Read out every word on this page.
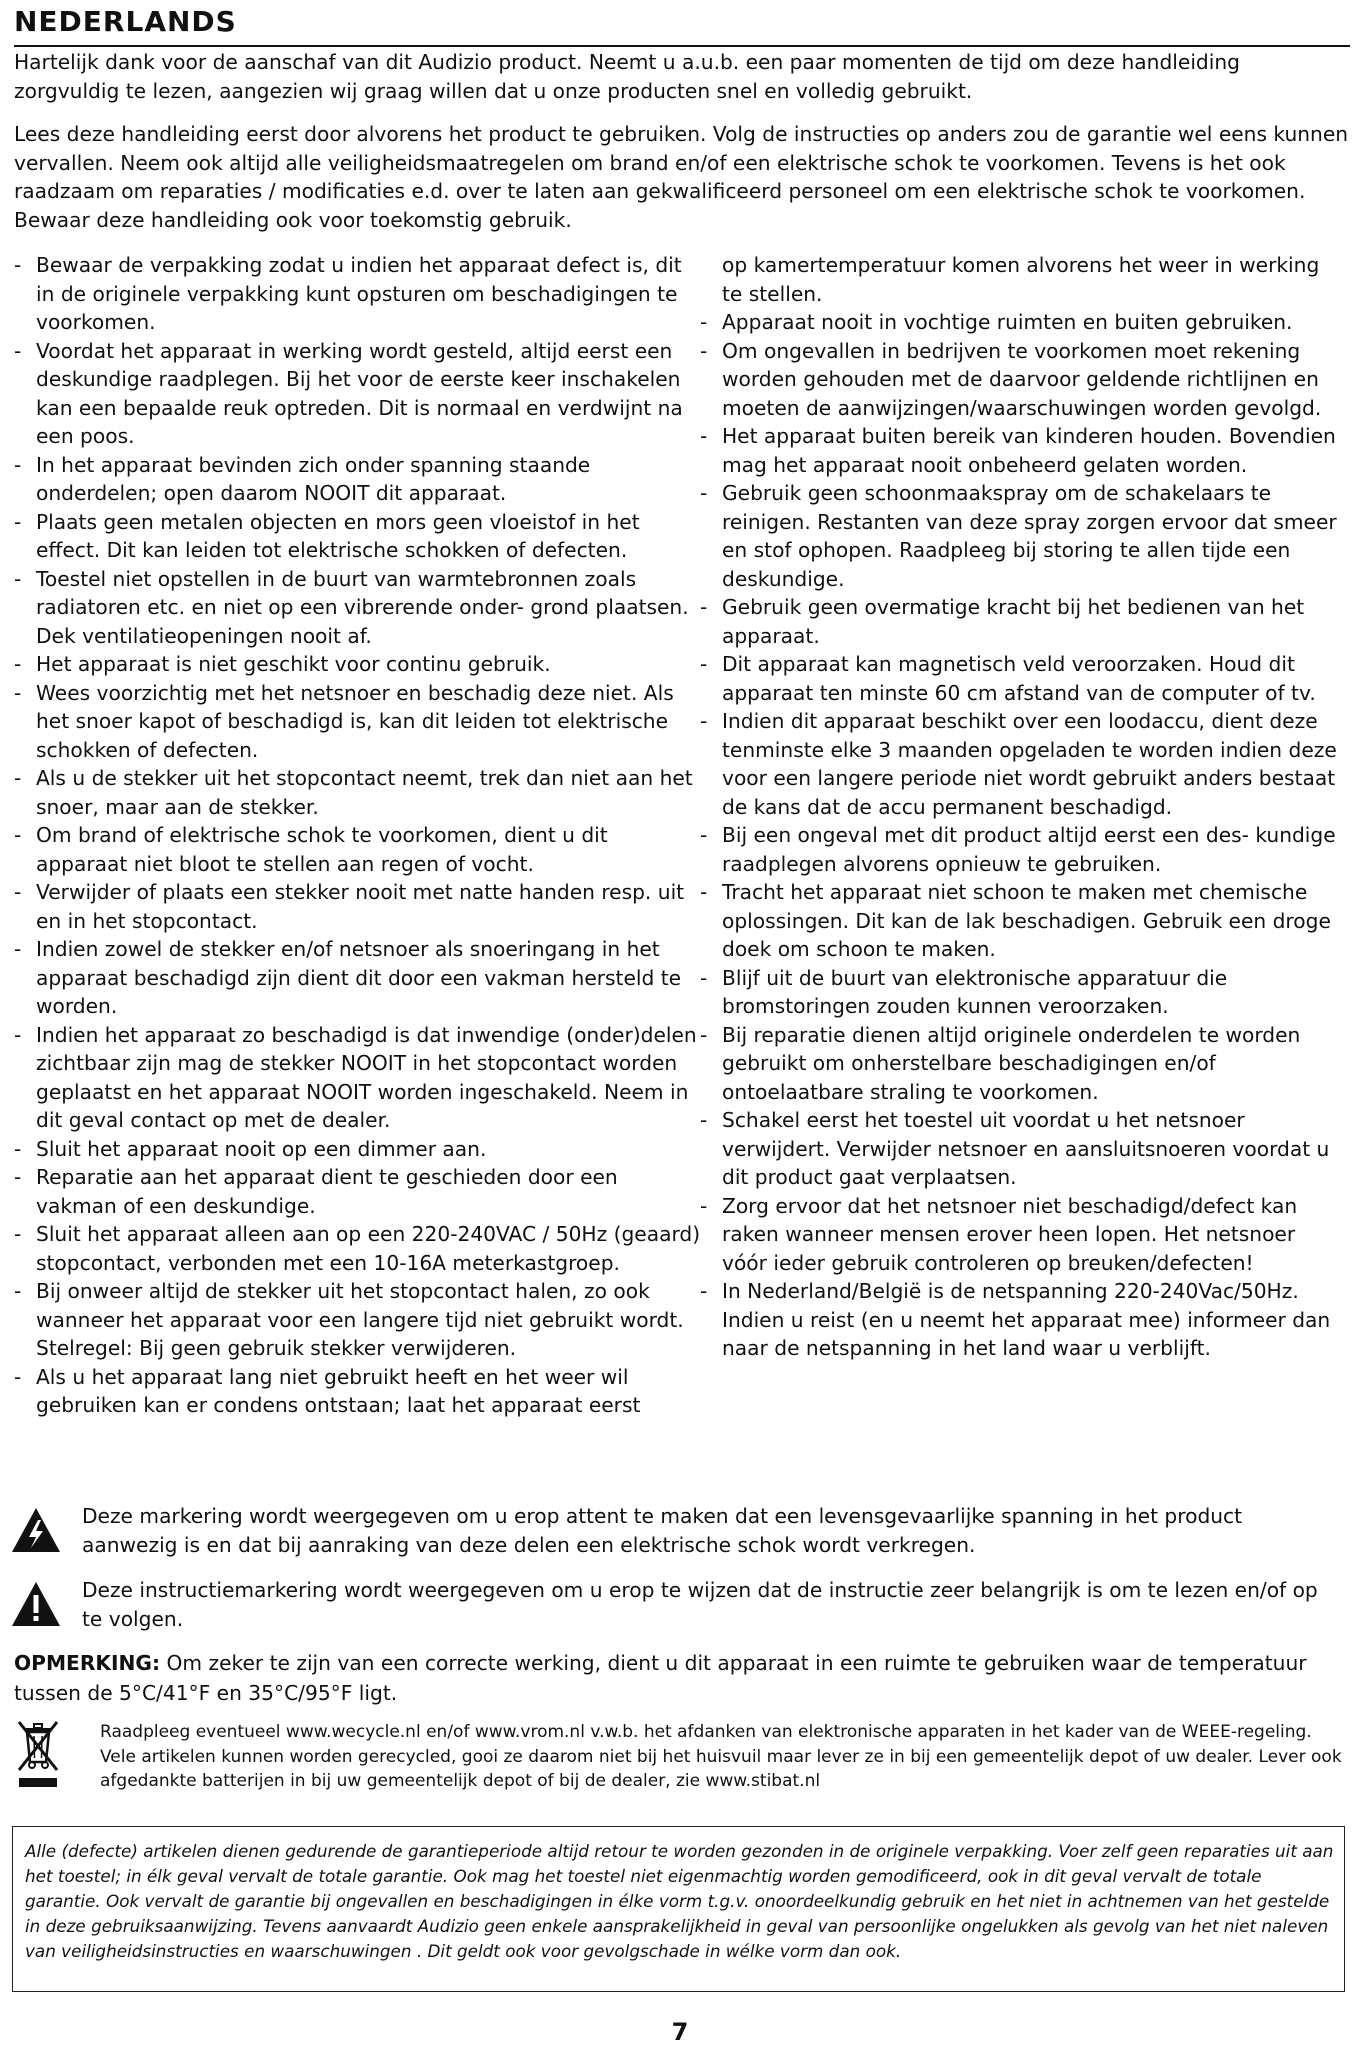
NEDERLANDS

Hartelijk dank voor de aanschaf van dit Audizio product. Neemt u a.u.b. een paar momenten de tijd om deze handleiding zorgvuldig te lezen, aangezien wij graag willen dat u onze producten snel en volledig gebruikt.

Lees deze handleiding eerst door alvorens het product te gebruiken. Volg de instructies op anders zou de garantie wel eens kunnen vervallen. Neem ook altijd alle veiligheidsmaatregelen om brand en/of een elektrische schok te voorkomen. Tevens is het ook raadzaam om reparaties / modificaties e.d. over te laten aan gekwalificeerd personeel om een elektrische schok te voorkomen. Bewaar deze handleiding ook voor toekomstig gebruik.

- Bewaar de verpakking zodat u indien het apparaat defect is, dit in de originele verpakking kunt opsturen om beschadigingen te voorkomen.
- Voordat het apparaat in werking wordt gesteld, altijd eerst een deskundige raadplegen. Bij het voor de eerste keer inschakelen kan een bepaalde reuk optreden. Dit is normaal en verdwijnt na een poos.
- In het apparaat bevinden zich onder spanning staande onderdelen; open daarom NOOIT dit apparaat.
- Plaats geen metalen objecten en mors geen vloeistof in het effect. Dit kan leiden tot elektrische schokken of defecten.
- Toestel niet opstellen in de buurt van warmtebronnen zoals radiatoren etc. en niet op een vibrerende onder- grond plaatsen. Dek ventilatieopeningen nooit af.
- Het apparaat is niet geschikt voor continu gebruik.
- Wees voorzichtig met het netsnoer en beschadig deze niet. Als het snoer kapot of beschadigd is, kan dit leiden tot elektrische schokken of defecten.
- Als u de stekker uit het stopcontact neemt, trek dan niet aan het snoer, maar aan de stekker.
- Om brand of elektrische schok te voorkomen, dient u dit apparaat niet bloot te stellen aan regen of vocht.
- Verwijder of plaats een stekker nooit met natte handen resp. uit en in het stopcontact.
- Indien zowel de stekker en/of netsnoer als snoeringang in het apparaat beschadigd zijn dient dit door een vakman hersteld te worden.
- Indien het apparaat zo beschadigd is dat inwendige (onder)delen zichtbaar zijn mag de stekker NOOIT in het stopcontact worden geplaatst en het apparaat NOOIT worden ingeschakeld. Neem in dit geval contact op met de dealer.
- Sluit het apparaat nooit op een dimmer aan.
- Reparatie aan het apparaat dient te geschieden door een vakman of een deskundige.
- Sluit het apparaat alleen aan op een 220-240VAC / 50Hz (geaard) stopcontact, verbonden met een 10-16A meterkastgroep.
- Bij onweer altijd de stekker uit het stopcontact halen, zo ook wanneer het apparaat voor een langere tijd niet gebruikt wordt. Stelregel: Bij geen gebruik stekker verwijderen.
- Als u het apparaat lang niet gebruikt heeft en het weer wil gebruiken kan er condens ontstaan; laat het apparaat eerst
op kamertemperatuur komen alvorens het weer in werking te stellen.
- Apparaat nooit in vochtige ruimten en buiten gebruiken.
- Om ongevallen in bedrijven te voorkomen moet rekening worden gehouden met de daarvoor geldende richtlijnen en moeten de aanwijzingen/waarschuwingen worden gevolgd.
- Het apparaat buiten bereik van kinderen houden. Bovendien mag het apparaat nooit onbeheerd gelaten worden.
- Gebruik geen schoonmaakspray om de schakelaars te reinigen. Restanten van deze spray zorgen ervoor dat smeer en stof ophopen. Raadpleeg bij storing te allen tijde een deskundige.
- Gebruik geen overmatige kracht bij het bedienen van het apparaat.
- Dit apparaat kan magnetisch veld veroorzaken. Houd dit apparaat ten minste 60 cm afstand van de computer of tv.
- Indien dit apparaat beschikt over een loodaccu, dient deze tenminste elke 3 maanden opgeladen te worden indien deze voor een langere periode niet wordt gebruikt anders bestaat de kans dat de accu permanent beschadigd.
- Bij een ongeval met dit product altijd eerst een des- kundige raadplegen alvorens opnieuw te gebruiken.
- Tracht het apparaat niet schoon te maken met chemische oplossingen. Dit kan de lak beschadigen. Gebruik een droge doek om schoon te maken.
- Blijf uit de buurt van elektronische apparatuur die bromstoringen zouden kunnen veroorzaken.
- Bij reparatie dienen altijd originele onderdelen te worden gebruikt om onherstelbare beschadigingen en/of ontoelaatbare straling te voorkomen.
- Schakel eerst het toestel uit voordat u het netsnoer verwijdert. Verwijder netsnoer en aansluitsnoeren voordat u dit product gaat verplaatsen.
- Zorg ervoor dat het netsnoer niet beschadigd/defect kan raken wanneer mensen erover heen lopen. Het netsnoer vóór ieder gebruik controleren op breuken/defecten!
- In Nederland/België is de netspanning 220-240Vac/50Hz. Indien u reist (en u neemt het apparaat mee) informeer dan naar de netspanning in het land waar u verblijft.

Deze markering wordt weergegeven om u erop attent te maken dat een levensgevaarlijke spanning in het product aanwezig is en dat bij aanraking van deze delen een elektrische schok wordt verkregen.

Deze instructiemarkering wordt weergegeven om u erop te wijzen dat de instructie zeer belangrijk is om te lezen en/of op te volgen.

OPMERKING: Om zeker te zijn van een correcte werking, dient u dit apparaat in een ruimte te gebruiken waar de temperatuur tussen de 5°C/41°F en 35°C/95°F ligt.

Raadpleeg eventueel www.wecycle.nl en/of www.vrom.nl v.w.b. het afdanken van elektronische apparaten in het kader van de WEEE-regeling. Vele artikelen kunnen worden gerecycled, gooi ze daarom niet bij het huisvuil maar lever ze in bij een gemeentelijk depot of uw dealer. Lever ook afgedankte batterijen in bij uw gemeentelijk depot of bij de dealer, zie www.stibat.nl

Alle (defecte) artikelen dienen gedurende de garantieperiode altijd retour te worden gezonden in de originele verpakking. Voer zelf geen reparaties uit aan het toestel; in élk geval vervalt de totale garantie. Ook mag het toestel niet eigenmachtig worden gemodificeerd, ook in dit geval vervalt de totale garantie. Ook vervalt de garantie bij ongevallen en beschadigingen in élke vorm t.g.v. onoordeelkundig gebruik en het niet in achtnemen van het gestelde in deze gebruiksaanwijzing. Tevens aanvaardt Audizio geen enkele aansprakelijkheid in geval van persoonlijke ongelukken als gevolg van het niet naleven van veiligheidsinstructies en waarschuwingen . Dit geldt ook voor gevolgschade in wélke vorm dan ook.

7
